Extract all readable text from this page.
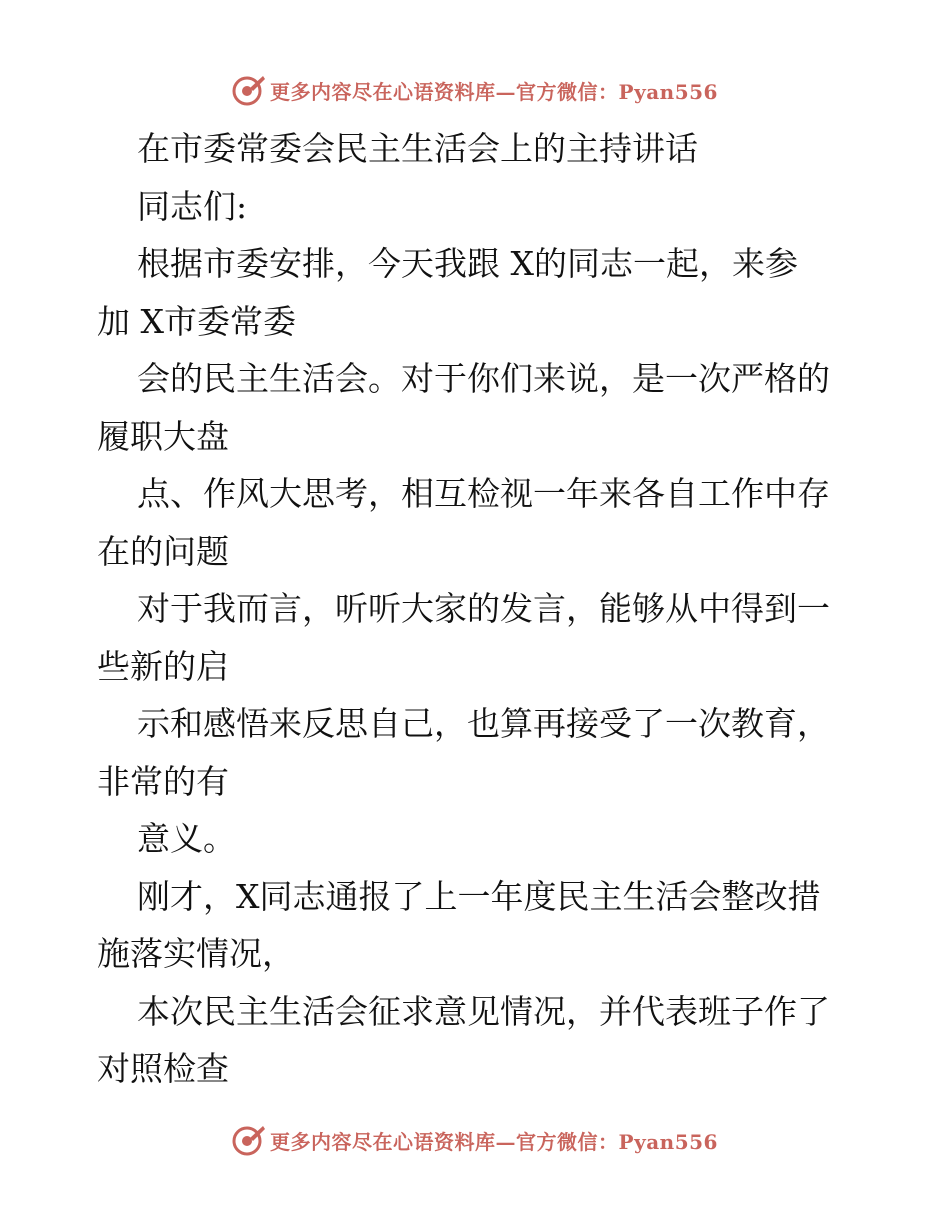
更多内容尽在心语资料库—官方微信：Pyan556
在市委常委会民主生活会上的主持讲话
同志们:
根据市委安排，今天我跟 X的同志一起，来参
加 X市委常委
会的民主生活会。对于你们来说，是一次严格的
履职大盘
点、作风大思考，相互检视一年来各自工作中存
在的问题
对于我而言，听听大家的发言，能够从中得到一
些新的启
示和感悟来反思自己，也算再接受了一次教育，
非常的有
意义。
刚才，X同志通报了上一年度民主生活会整改措
施落实情况，
本次民主生活会征求意见情况，并代表班子作了
对照检查
更多内容尽在心语资料库—官方微信：Pyan556
